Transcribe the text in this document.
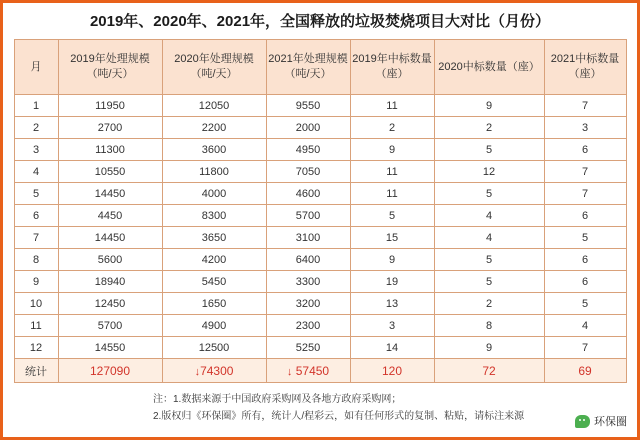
2019年、2020年、2021年，全国释放的垃圾焚烧项目大对比（月份）
月	2019年处理规模（吨/天）	2020年处理规模（吨/天）	2021年处理规模（吨/天）	2019年中标数量（座）	2020中标数量（座）	2021中标数量（座）
1	11950	12050	9550	11	9	7
2	2700	2200	2000	2	2	3
3	11300	3600	4950	9	5	6
4	10550	11800	7050	11	12	7
5	14450	4000	4600	11	5	7
6	4450	8300	5700	5	4	6
7	14450	3650	3100	15	4	5
8	5600	4200	6400	9	5	6
9	18940	5450	3300	19	5	6
10	12450	1650	3200	13	2	5
11	5700	4900	2300	3	8	4
12	14550	12500	5250	14	9	7
统计	127090	↓74300	↓ 57450	120	72	69
注：1.数据来源于中国政府采购网及各地方政府采购网；
2.版权归《环保圈》所有，统计人/程彩云，如有任何形式的复制、粘贴，请标注来源	环保圈
